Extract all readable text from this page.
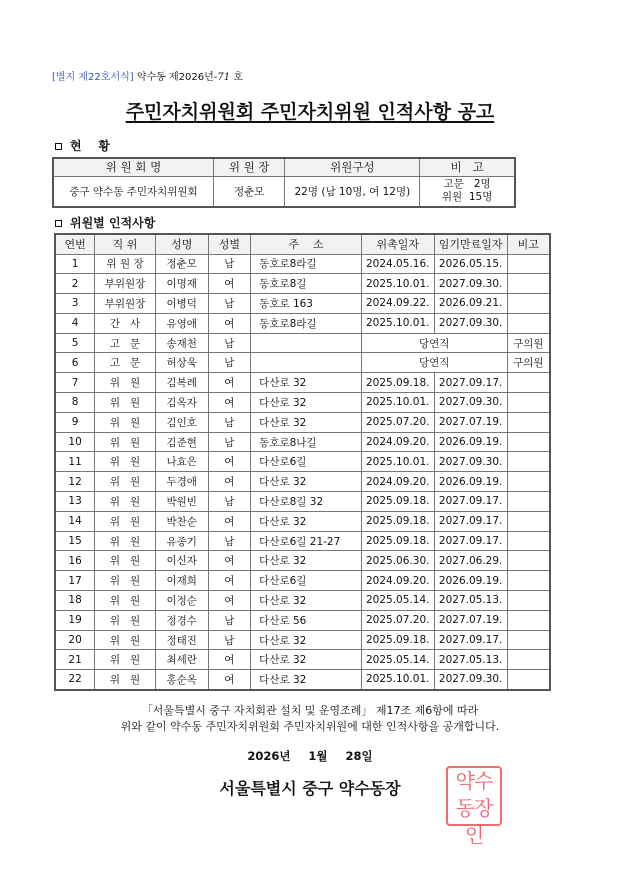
[별지 제22호서식] 약수동 제2026년-71 호
주민자치위원회 주민자치위원 인적사항 공고
현    황
위 원 회 명	위 원 장	위원구성	비   고
중구 약수동 주민자치위원회	정춘모	22명 (남 10명, 여 12명)	고문   2명
위원  15명
위원별 인적사항
연번	직 위	성명	성별	주    소	위촉일자	임기만료일자	비고
1	위 원 장	정춘모	남	동호로8라길	2024.05.16.	2026.05.15.	
2	부위원장	이명재	여	동호로8길	2025.10.01.	2027.09.30.	
3	부위원장	이병덕	남	동호로 163	2024.09.22.	2026.09.21.	
4	간   사	유영애	여	동호로8라길	2025.10.01.	2027.09.30.	
5	고   문	송재천	남		당연직		구의원
6	고   문	허상욱	남		당연직		구의원
7	위   원	김복례	여	다산로 32	2025.09.18.	2027.09.17.	
8	위   원	김옥자	여	다산로 32	2025.10.01.	2027.09.30.	
9	위   원	김인호	남	다산로 32	2025.07.20.	2027.07.19.	
10	위   원	김준현	남	동호로8나길	2024.09.20.	2026.09.19.	
11	위   원	나효은	여	다산로6길	2025.10.01.	2027.09.30.	
12	위   원	두경애	여	다산로 32	2024.09.20.	2026.09.19.	
13	위   원	박원빈	남	다산로8길 32	2025.09.18.	2027.09.17.	
14	위   원	박찬순	여	다산로 32	2025.09.18.	2027.09.17.	
15	위   원	유종기	남	다산로6길 21-27	2025.09.18.	2027.09.17.	
16	위   원	이신자	여	다산로 32	2025.06.30.	2027.06.29.	
17	위   원	이재희	여	다산로6길	2024.09.20.	2026.09.19.	
18	위   원	이정순	여	다산로 32	2025.05.14.	2027.05.13.	
19	위   원	정경수	남	다산로 56	2025.07.20.	2027.07.19.	
20	위   원	정태진	남	다산로 32	2025.09.18.	2027.09.17.	
21	위   원	최세란	여	다산로 32	2025.05.14.	2027.05.13.	
22	위   원	홍순옥	여	다산로 32	2025.10.01.	2027.09.30.	
「서울특별시 중구 자치회관 설치 및 운영조례」 제17조 제6항에 따라
위와 같이 약수동 주민자치위원회 주민자치위원에 대한 인적사항을 공개합니다.
2026년 1월 28일
서울특별시 중구 약수동장	약수
동장인
